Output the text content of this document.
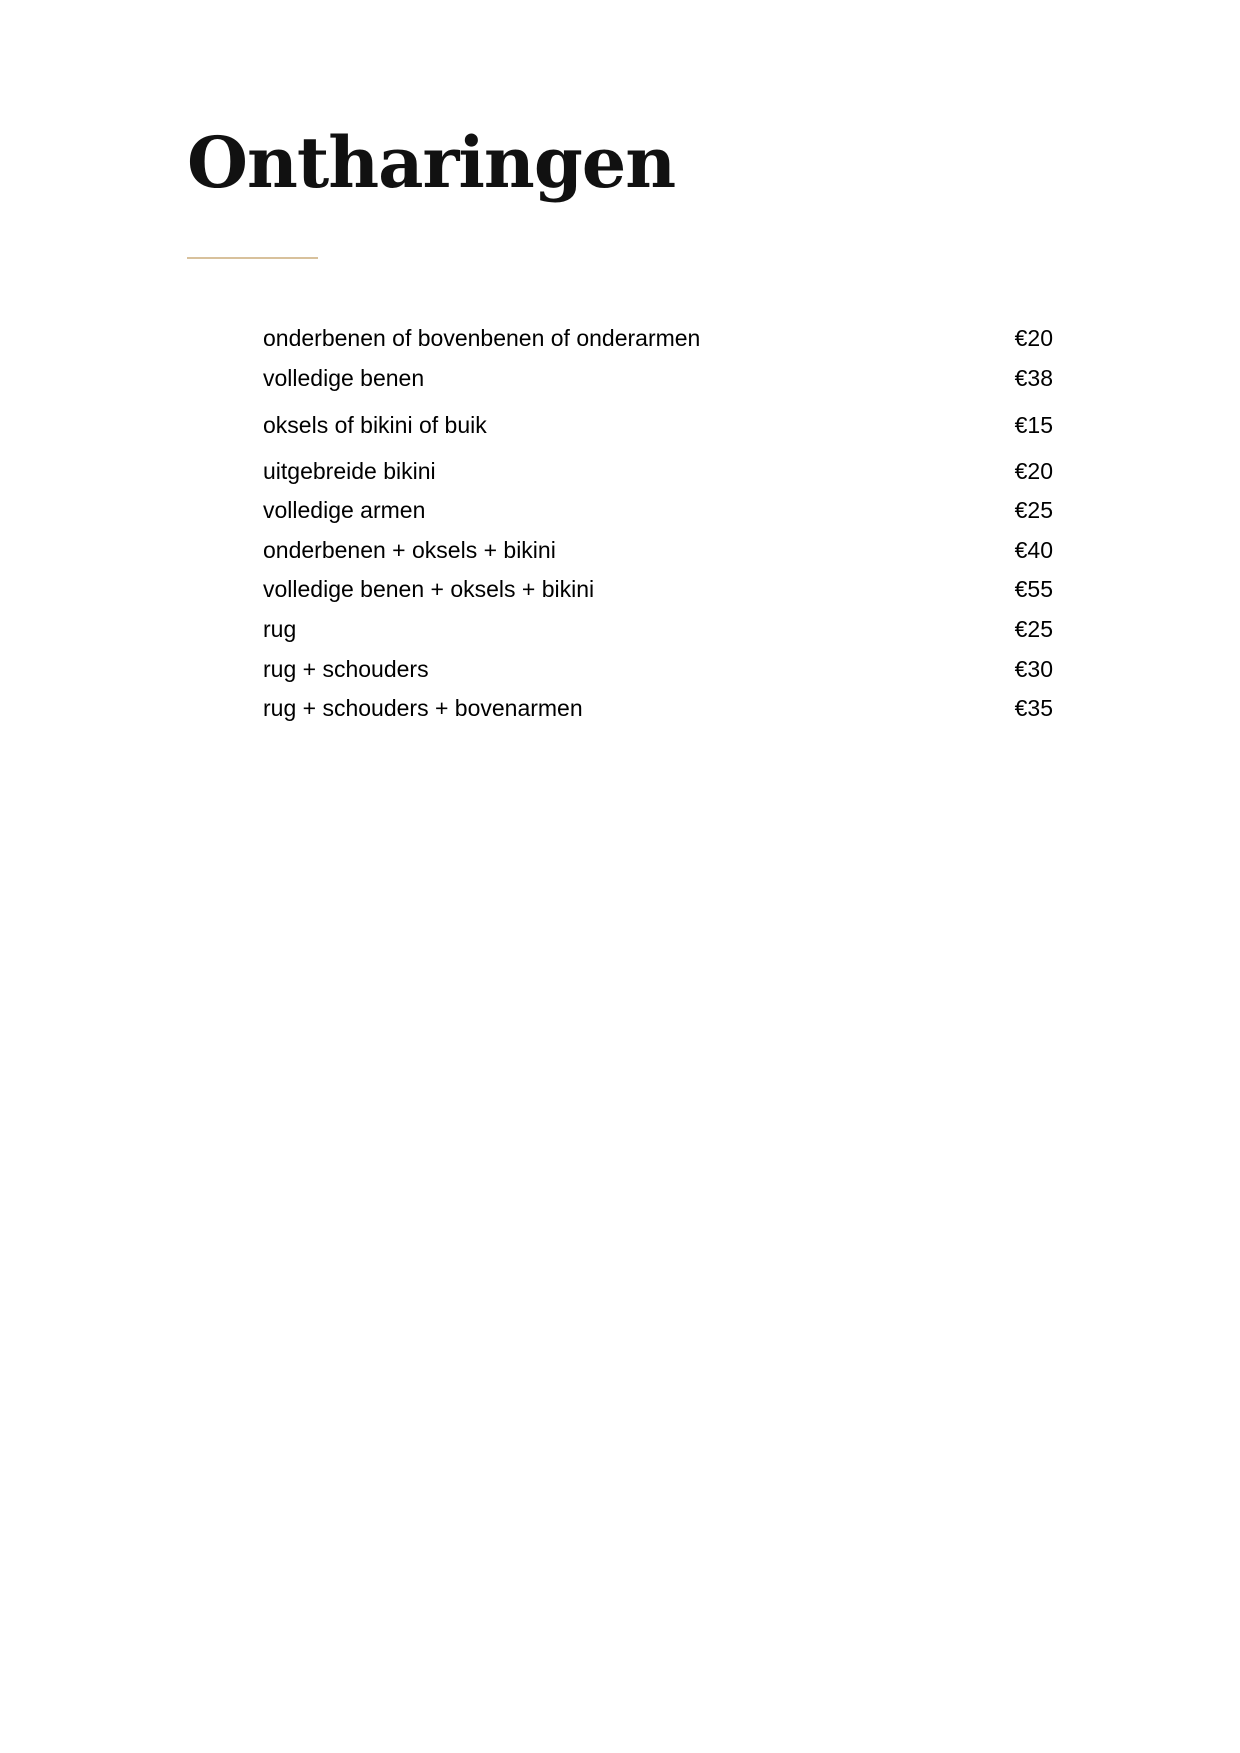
Ontharingen
onderbenen of bovenbenen of onderarmen	€20
volledige benen	€38
oksels of bikini of buik	€15
uitgebreide bikini	€20
volledige armen	€25
onderbenen + oksels + bikini	€40
volledige benen + oksels + bikini	€55
rug	€25
rug + schouders	€30
rug + schouders + bovenarmen	€35
